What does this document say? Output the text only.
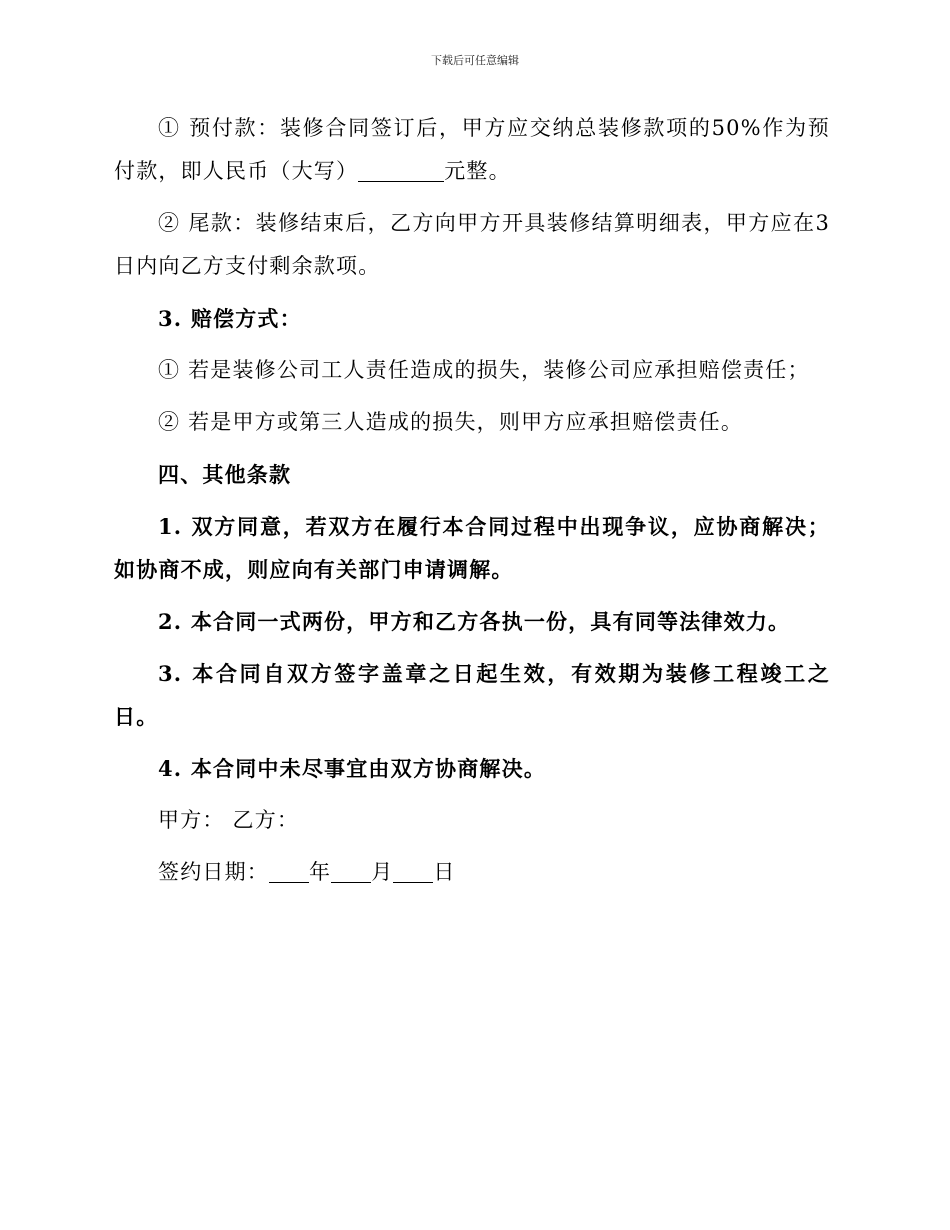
下载后可任意编辑

① 预付款：装修合同签订后，甲方应交纳总装修款项的50%作为预付款，即人民币（大写）	元整。

② 尾款：装修结束后，乙方向甲方开具装修结算明细表，甲方应在3日内向乙方支付剩余款项。

3. 赔偿方式：

① 若是装修公司工人责任造成的损失，装修公司应承担赔偿责任；

② 若是甲方或第三人造成的损失，则甲方应承担赔偿责任。

四、其他条款

1. 双方同意，若双方在履行本合同过程中出现争议，应协商解决；如协商不成，则应向有关部门申请调解。

2. 本合同一式两份，甲方和乙方各执一份，具有同等法律效力。

3. 本合同自双方签字盖章之日起生效，有效期为装修工程竣工之日。

4. 本合同中未尽事宜由双方协商解决。

甲方： 乙方：

签约日期： 年 月 日
